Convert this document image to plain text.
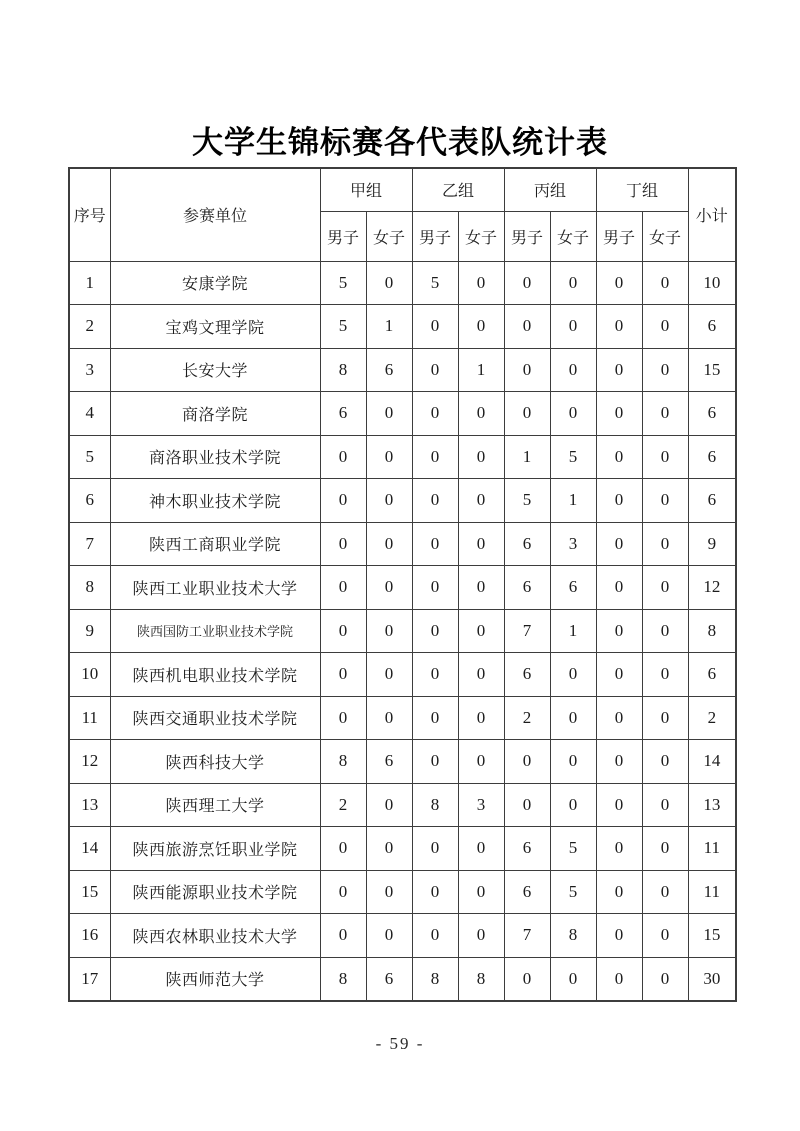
大学生锦标赛各代表队统计表
序号	参赛单位	甲组		乙组		丙组		丁组		小计
		男子	女子	男子	女子	男子	女子	男子	女子	
1	安康学院	5	0	5	0	0	0	0	0	10
2	宝鸡文理学院	5	1	0	0	0	0	0	0	6
3	长安大学	8	6	0	1	0	0	0	0	15
4	商洛学院	6	0	0	0	0	0	0	0	6
5	商洛职业技术学院	0	0	0	0	1	5	0	0	6
6	神木职业技术学院	0	0	0	0	5	1	0	0	6
7	陕西工商职业学院	0	0	0	0	6	3	0	0	9
8	陕西工业职业技术大学	0	0	0	0	6	6	0	0	12
9	陕西国防工业职业技术学院	0	0	0	0	7	1	0	0	8
10	陕西机电职业技术学院	0	0	0	0	6	0	0	0	6
11	陕西交通职业技术学院	0	0	0	0	2	0	0	0	2
12	陕西科技大学	8	6	0	0	0	0	0	0	14
13	陕西理工大学	2	0	8	3	0	0	0	0	13
14	陕西旅游烹饪职业学院	0	0	0	0	6	5	0	0	11
15	陕西能源职业技术学院	0	0	0	0	6	5	0	0	11
16	陕西农林职业技术大学	0	0	0	0	7	8	0	0	15
17	陕西师范大学	8	6	8	8	0	0	0	0	30
- 59 -
